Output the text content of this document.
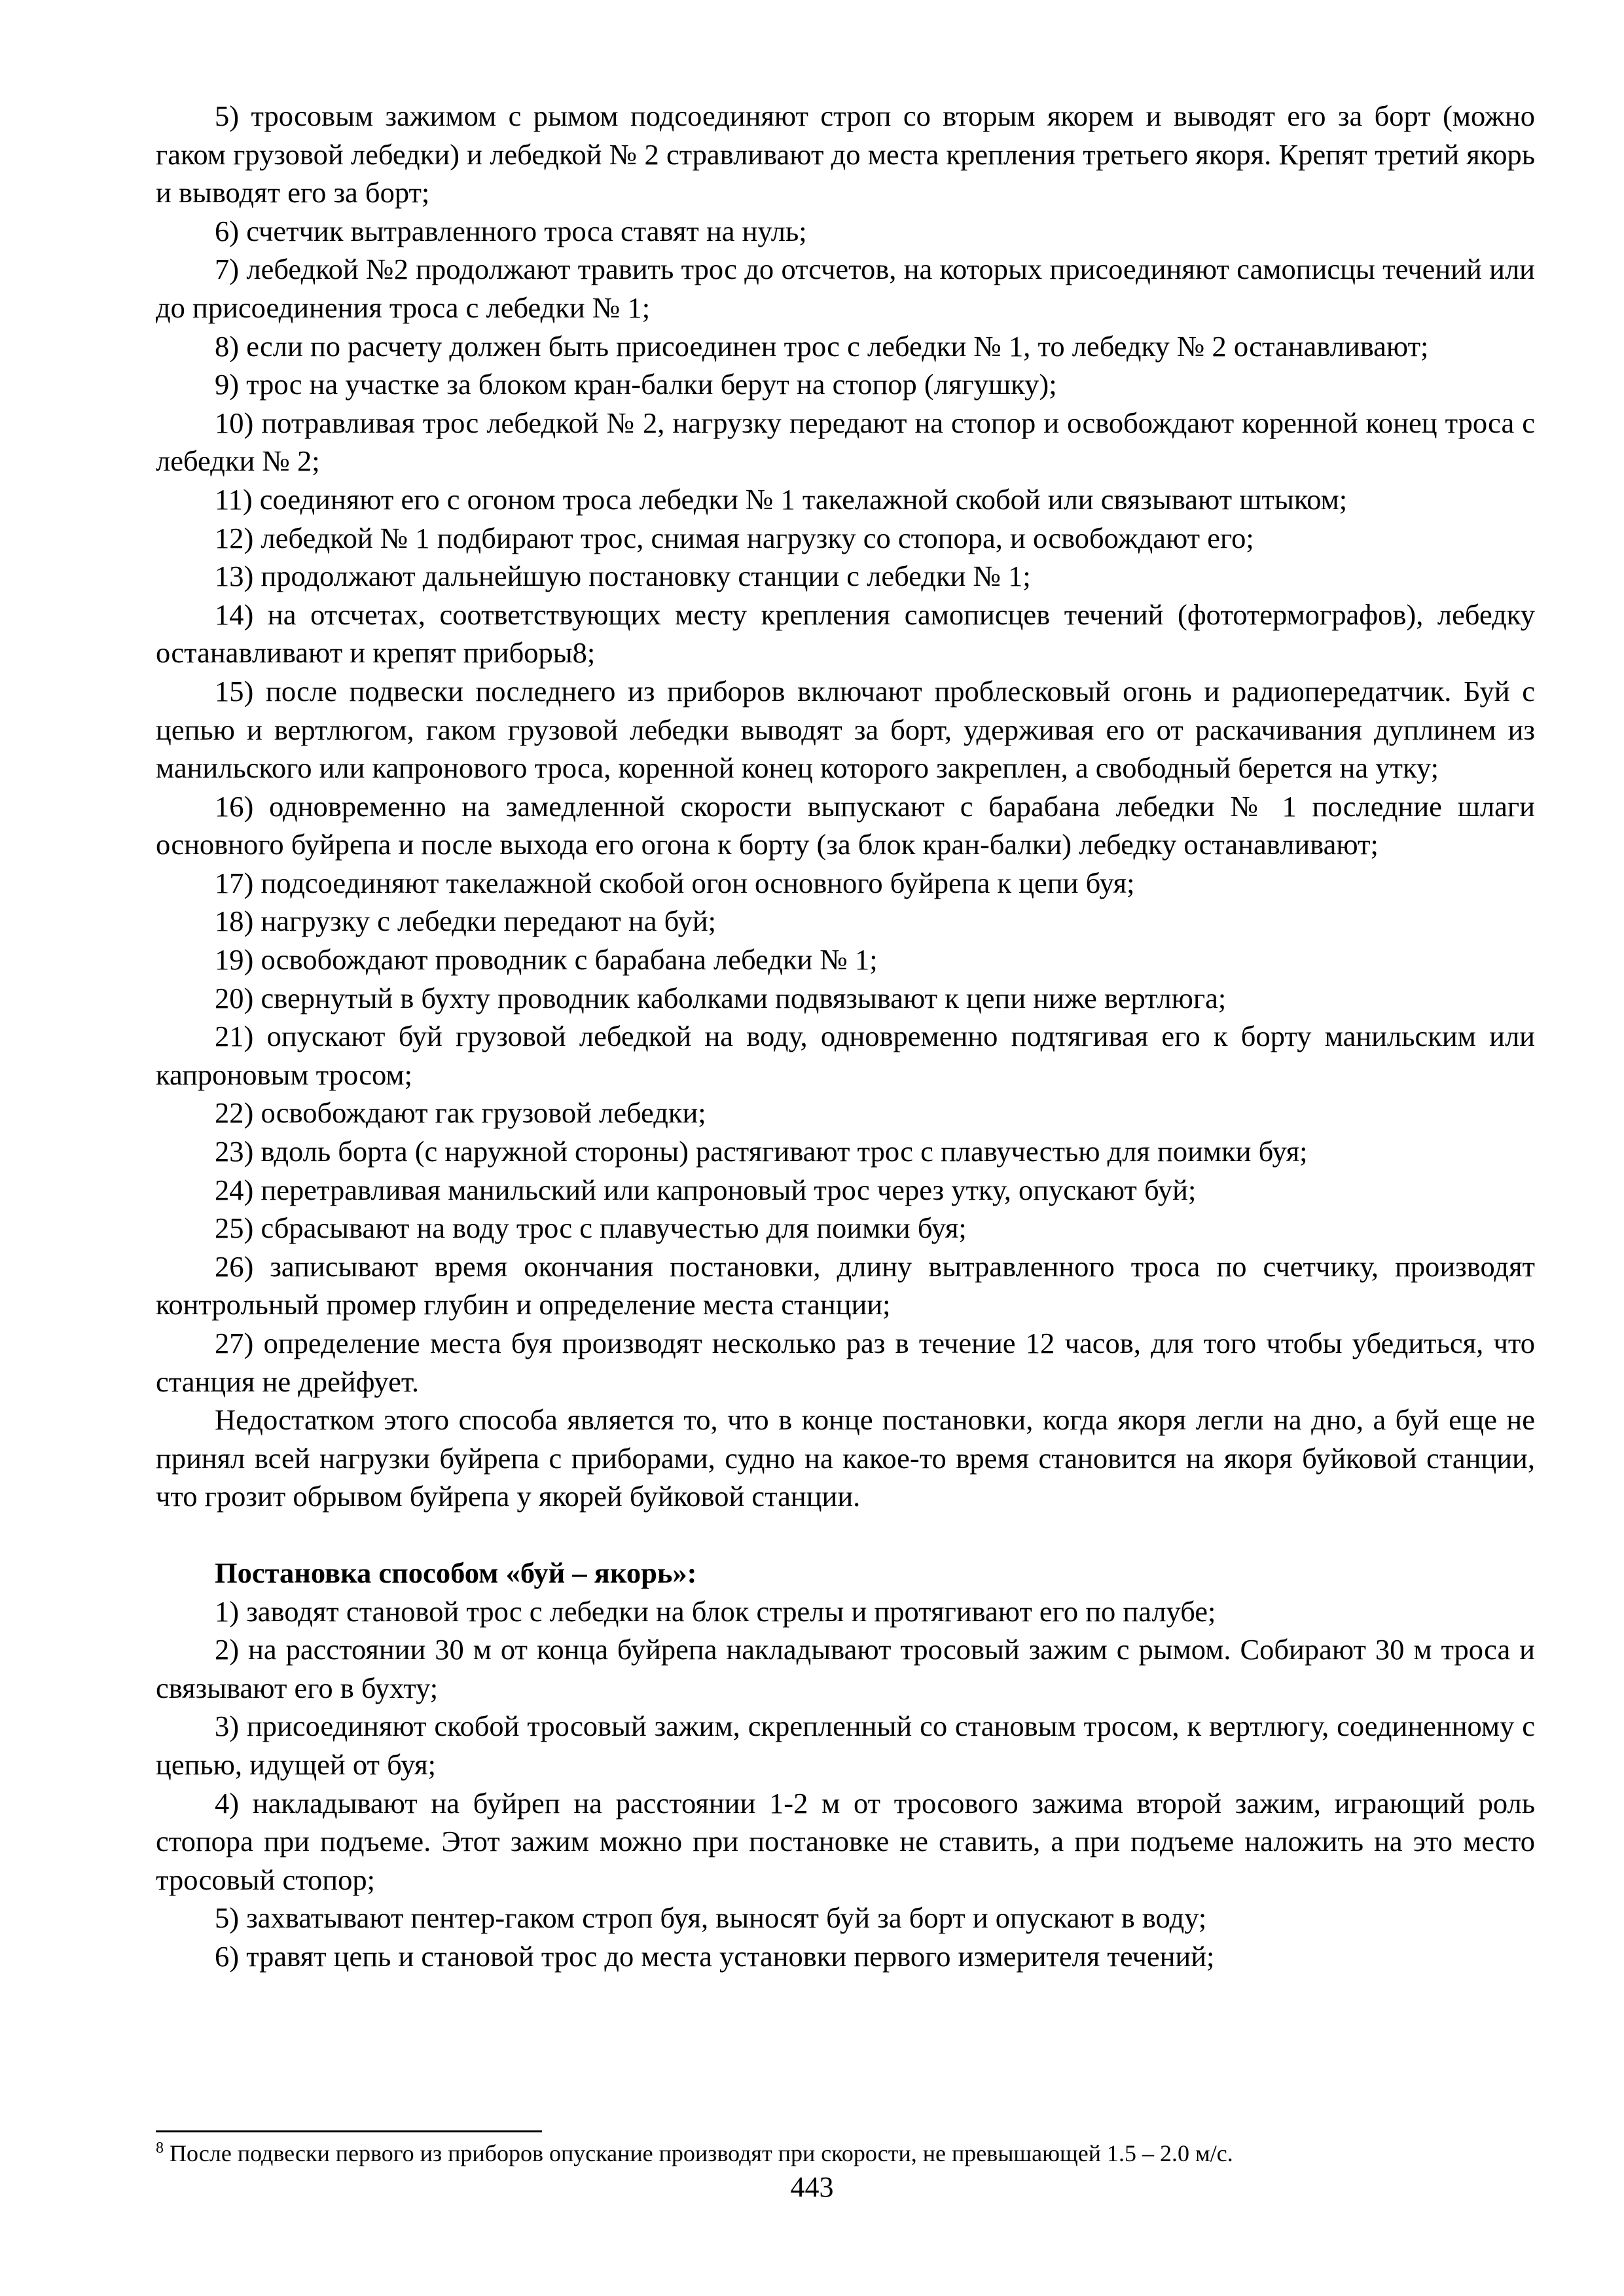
5) тросовым зажимом с рымом подсоединяют строп со вторым якорем и выводят его за борт (можно гаком грузовой лебедки) и лебедкой № 2 стравливают до места крепления третьего якоря. Крепят третий якорь и выводят его за борт;

6) счетчик вытравленного троса ставят на нуль;

7) лебедкой №2 продолжают травить трос до отсчетов, на которых присоединяют самописцы течений или до присоединения троса с лебедки № 1;

8) если по расчету должен быть присоединен трос с лебедки № 1, то лебедку № 2 останавливают;

9) трос на участке за блоком кран-балки берут на стопор (лягушку);

10) потравливая трос лебедкой № 2, нагрузку передают на стопор и освобождают коренной конец троса с лебедки № 2;

11) соединяют его с огоном троса лебедки № 1 такелажной скобой или связывают штыком;

12) лебедкой № 1 подбирают трос, снимая нагрузку со стопора, и освобождают его;

13) продолжают дальнейшую постановку станции с лебедки № 1;

14) на отсчетах, соответствующих месту крепления самописцев течений (фототермографов), лебедку останавливают и крепят приборы8;

15) после подвески последнего из приборов включают проблесковый огонь и радиопередатчик. Буй с цепью и вертлюгом, гаком грузовой лебедки выводят за борт, удерживая его от раскачивания дуплинем из манильского или капронового троса, коренной конец которого закреплен, а свободный берется на утку;

16) одновременно на замедленной скорости выпускают с барабана лебедки № 1 последние шлаги основного буйрепа и после выхода его огона к борту (за блок кран-балки) лебедку останавливают;

17) подсоединяют такелажной скобой огон основного буйрепа к цепи буя;

18) нагрузку с лебедки передают на буй;

19) освобождают проводник с барабана лебедки № 1;

20) свернутый в бухту проводник каболками подвязывают к цепи ниже вертлюга;

21) опускают буй грузовой лебедкой на воду, одновременно подтягивая его к борту манильским или капроновым тросом;

22) освобождают гак грузовой лебедки;

23) вдоль борта (с наружной стороны) растягивают трос с плавучестью для поимки буя;

24) перетравливая манильский или капроновый трос через утку, опускают буй;

25) сбрасывают на воду трос с плавучестью для поимки буя;

26) записывают время окончания постановки, длину вытравленного троса по счетчику, производят контрольный промер глубин и определение места станции;

27) определение места буя производят несколько раз в течение 12 часов, для того чтобы убедиться, что станция не дрейфует.

Недостатком этого способа является то, что в конце постановки, когда якоря легли на дно, а буй еще не принял всей нагрузки буйрепа с приборами, судно на какое-то время становится на якоря буйковой станции, что грозит обрывом буйрепа у якорей буйковой станции.

Постановка способом «буй – якорь»:

1) заводят становой трос с лебедки на блок стрелы и протягивают его по палубе;

2) на расстоянии 30 м от конца буйрепа накладывают тросовый зажим с рымом. Собирают 30 м троса и связывают его в бухту;

3) присоединяют скобой тросовый зажим, скрепленный со становым тросом, к вертлюгу, соединенному с цепью, идущей от буя;

4) накладывают на буйреп на расстоянии 1-2 м от тросового зажима второй зажим, играющий роль стопора при подъеме. Этот зажим можно при постановке не ставить, а при подъеме наложить на это место тросовый стопор;

5) захватывают пентер-гаком строп буя, выносят буй за борт и опускают в воду;

6) травят цепь и становой трос до места установки первого измерителя течений;

$^8$ После подвески первого из приборов опускание производят при скорости, не превышающей 1.5 – 2.0 м/с.
443
